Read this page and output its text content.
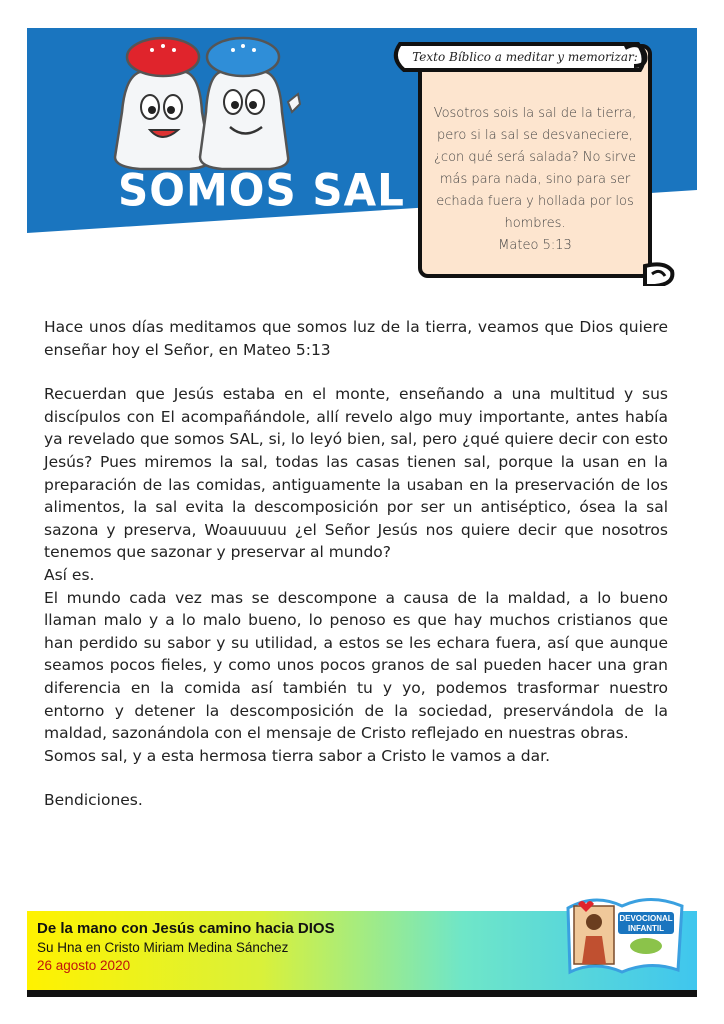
SOMOS SAL
Texto Bíblico a meditar y memorizar:
Vosotros sois la sal de la tierra, pero si la sal se desvaneciere, ¿con qué será salada? No sirve más para nada, sino para ser echada fuera y hollada por los hombres.
Mateo 5:13

Hace unos días meditamos que somos luz de la tierra, veamos que Dios quiere enseñar hoy el Señor, en Mateo 5:13

Recuerdan que Jesús estaba en el monte, enseñando a una multitud y sus discípulos con El acompañándole, allí revelo algo muy importante, antes había ya revelado que somos SAL, si, lo leyó bien, sal, pero ¿qué quiere decir con esto Jesús? Pues miremos la sal, todas las casas tienen sal, porque la usan en la preparación de las comidas, antiguamente la usaban en la preservación de los alimentos, la sal evita la descomposición por ser un antiséptico, ósea la sal sazona y preserva, Woauuuuu ¿el Señor Jesús nos quiere decir que nosotros tenemos que sazonar y preservar al mundo?

Así es.

El mundo cada vez mas se descompone a causa de la maldad, a lo bueno llaman malo y a lo malo bueno, lo penoso es que hay muchos cristianos que han perdido su sabor y su utilidad, a estos se les echara fuera, así que aunque seamos pocos fieles, y como unos pocos granos de sal pueden hacer una gran diferencia en la comida así también tu y yo, podemos trasformar nuestro entorno y detener la descomposición de la sociedad, preservándola de la maldad, sazonándola con el mensaje de Cristo reflejado en nuestras obras.

Somos sal, y a esta hermosa tierra sabor a Cristo le vamos a dar.

Bendiciones.

De la mano con Jesús camino hacia DIOS
Su Hna en Cristo Miriam Medina Sánchez
26 agosto 2020
DEVOCIONAL
INFANTIL
